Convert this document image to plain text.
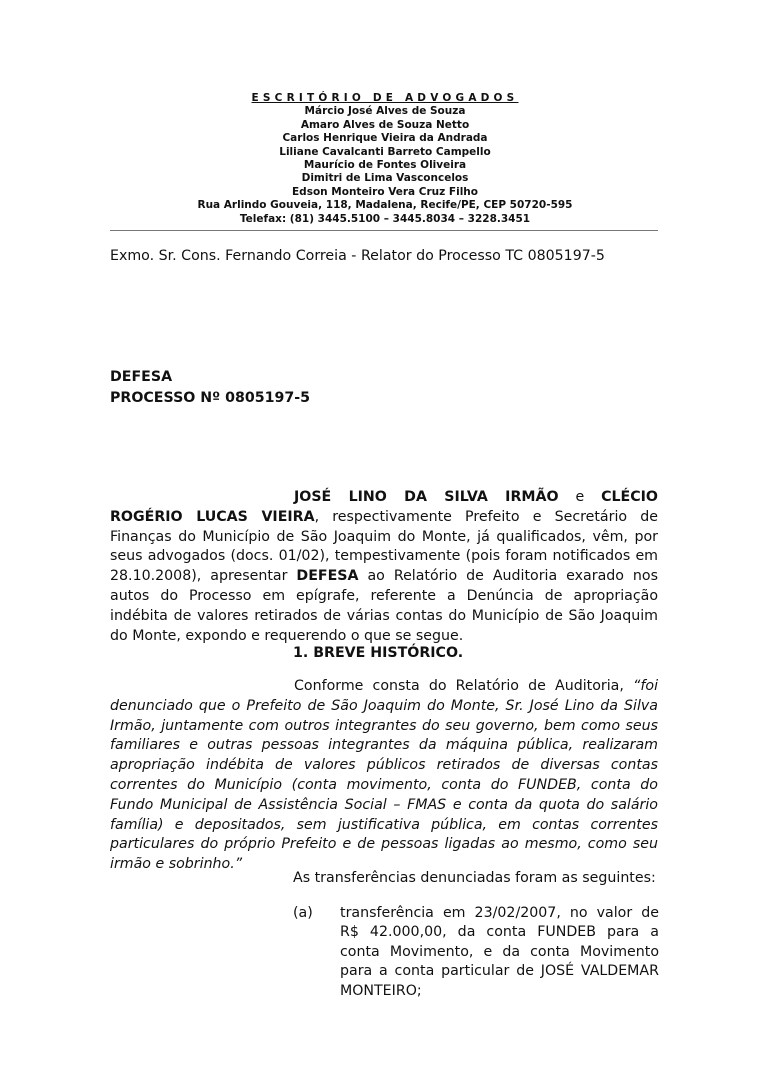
ESCRITÓRIO DE ADVOGADOS
Márcio José Alves de Souza
Amaro Alves de Souza Netto
Carlos Henrique Vieira da Andrada
Liliane Cavalcanti Barreto Campello
Maurício de Fontes Oliveira
Dimitri de Lima Vasconcelos
Edson Monteiro Vera Cruz Filho
Rua Arlindo Gouveia, 118, Madalena, Recife/PE, CEP 50720-595
Telefax: (81) 3445.5100 – 3445.8034 – 3228.3451
Exmo. Sr. Cons. Fernando Correia - Relator do Processo TC 0805197-5
DEFESA
PROCESSO Nº 0805197-5
JOSÉ LINO DA SILVA IRMÃO e CLÉCIO
ROGÉRIO LUCAS VIEIRA, respectivamente Prefeito e Secretário de
Finanças do Município de São Joaquim do Monte, já qualificados, vêm, por
seus advogados (docs. 01/02), tempestivamente (pois foram notificados em
28.10.2008), apresentar DEFESA ao Relatório de Auditoria exarado nos
autos do Processo em epígrafe, referente a Denúncia de apropriação
indébita de valores retirados de várias contas do Município de São Joaquim
do Monte, expondo e requerendo o que se segue.
1. BREVE HISTÓRICO.
Conforme consta do Relatório de Auditoria, “foi
denunciado que o Prefeito de São Joaquim do Monte, Sr. José Lino da Silva
Irmão, juntamente com outros integrantes do seu governo, bem como seus
familiares e outras pessoas integrantes da máquina pública, realizaram
apropriação indébita de valores públicos retirados de diversas contas
correntes do Município (conta movimento, conta do FUNDEB, conta do
Fundo Municipal de Assistência Social – FMAS e conta da quota do salário
família) e depositados, sem justificativa pública, em contas correntes
particulares do próprio Prefeito e de pessoas ligadas ao mesmo, como seu
irmão e sobrinho.”
As transferências denunciadas foram as seguintes:
(a) transferência em 23/02/2007, no valor de
R$ 42.000,00, da conta FUNDEB para a
conta Movimento, e da conta Movimento
para a conta particular de JOSÉ VALDEMAR
MONTEIRO;
